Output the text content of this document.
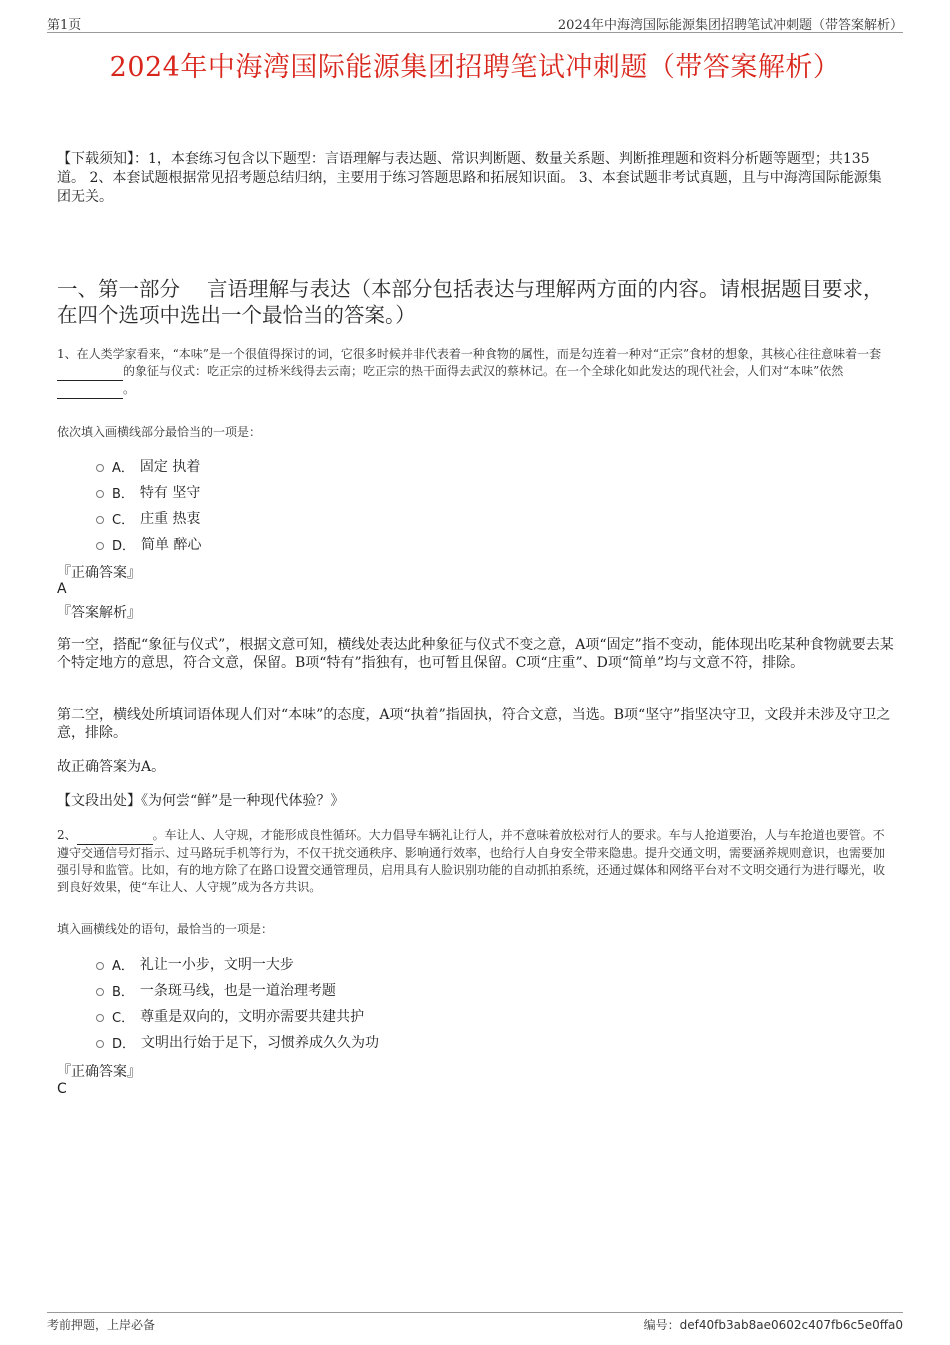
第1页	2024年中海湾国际能源集团招聘笔试冲刺题（带答案解析）
2024年中海湾国际能源集团招聘笔试冲刺题（带答案解析）
【下载须知】：1，本套练习包含以下题型：言语理解与表达题、常识判断题、数量关系题、判断推理题和资料分析题等题型；共135道。 2、本套试题根据常见招考题总结归纳，主要用于练习答题思路和拓展知识面。 3、本套试题非考试真题，且与中海湾国际能源集团无关。
一、第一部分　 言语理解与表达（本部分包括表达与理解两方面的内容。请根据题目要求，在四个选项中选出一个最恰当的答案。）
1、在人类学家看来，“本味”是一个很值得探讨的词，它很多时候并非代表着一种食物的属性，而是勾连着一种对“正宗”食材的想象，其核心往往意味着一套 的象征与仪式：吃正宗的过桥米线得去云南；吃正宗的热干面得去武汉的蔡林记。在一个全球化如此发达的现代社会，人们对“本味”依然 。
依次填入画横线部分最恰当的一项是：
A． 固定 执着
B． 特有 坚守
C． 庄重 热衷
D． 简单 醉心
『正确答案』
A
『答案解析』
第一空，搭配“象征与仪式”，根据文意可知，横线处表达此种象征与仪式不变之意，A项“固定”指不变动，能体现出吃某种食物就要去某个特定地方的意思，符合文意，保留。B项“特有”指独有，也可暂且保留。C项“庄重”、D项“简单”均与文意不符，排除。
第二空，横线处所填词语体现人们对“本味”的态度，A项“执着”指固执，符合文意，当选。B项“坚守”指坚决守卫，文段并未涉及守卫之意，排除。
故正确答案为A。
【文段出处】《为何尝“鲜”是一种现代体验？》
2、	。车让人、人守规，才能形成良性循环。大力倡导车辆礼让行人，并不意味着放松对行人的要求。车与人抢道要治，人与车抢道也要管。不遵守交通信号灯指示、过马路玩手机等行为，不仅干扰交通秩序、影响通行效率，也给行人自身安全带来隐患。提升交通文明，需要涵养规则意识，也需要加强引导和监管。比如，有的地方除了在路口设置交通管理员，启用具有人脸识别功能的自动抓拍系统，还通过媒体和网络平台对不文明交通行为进行曝光，收到良好效果，使“车让人、人守规”成为各方共识。
填入画横线处的语句，最恰当的一项是：
A． 礼让一小步，文明一大步
B． 一条斑马线，也是一道治理考题
C． 尊重是双向的，文明亦需要共建共护
D． 文明出行始于足下，习惯养成久久为功
『正确答案』
C
考前押题，上岸必备	编号：def40fb3ab8ae0602c407fb6c5e0ffa0
